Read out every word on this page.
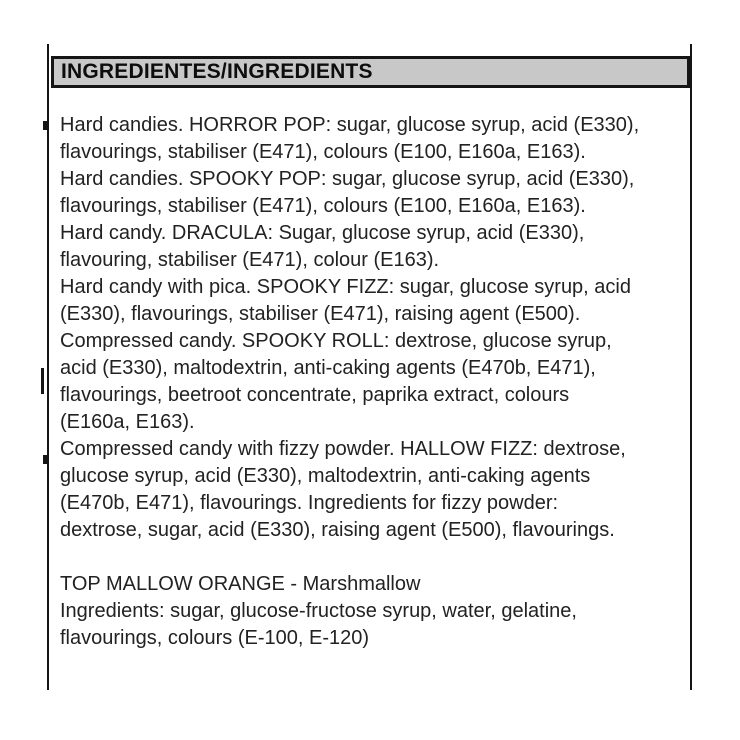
INGREDIENTES/INGREDIENTS
Hard candies. HORROR POP: sugar, glucose syrup, acid (E330),
flavourings, stabiliser (E471), colours (E100, E160a, E163).
Hard candies. SPOOKY POP: sugar, glucose syrup, acid (E330),
flavourings, stabiliser (E471), colours (E100, E160a, E163).
Hard candy. DRACULA: Sugar, glucose syrup, acid (E330),
flavouring, stabiliser (E471), colour (E163).
Hard candy with pica. SPOOKY FIZZ: sugar, glucose syrup, acid
(E330), flavourings, stabiliser (E471), raising agent (E500).
Compressed candy. SPOOKY ROLL: dextrose, glucose syrup,
acid (E330), maltodextrin, anti-caking agents (E470b, E471),
flavourings, beetroot concentrate, paprika extract, colours
(E160a, E163).
Compressed candy with fizzy powder. HALLOW FIZZ: dextrose,
glucose syrup, acid (E330), maltodextrin, anti-caking agents
(E470b, E471), flavourings. Ingredients for fizzy powder:
dextrose, sugar, acid (E330), raising agent (E500), flavourings.

TOP MALLOW ORANGE - Marshmallow
Ingredients: sugar, glucose-fructose syrup, water, gelatine,
flavourings, colours (E-100, E-120)
